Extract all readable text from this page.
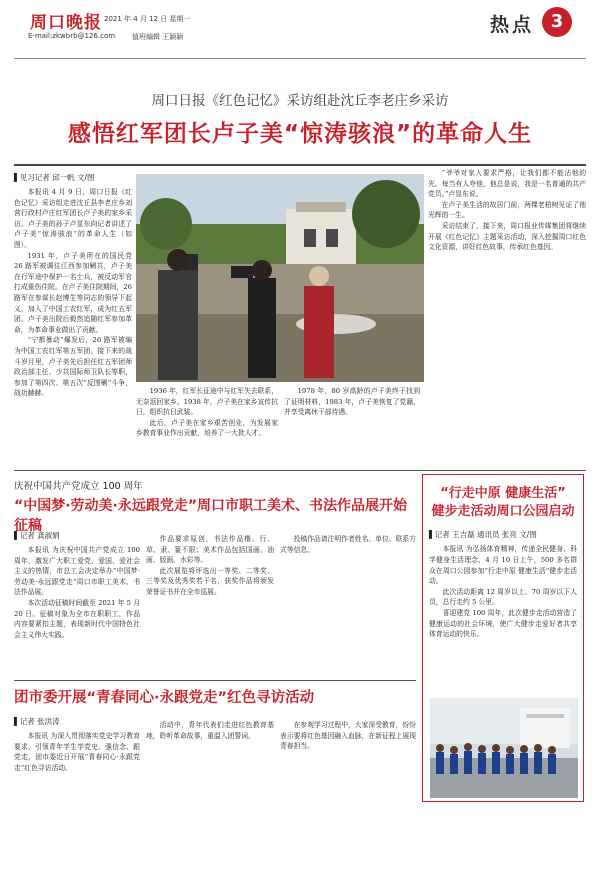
周口晚报 2021 年 4 月 12 日 星期一
E-mail:zkwbrb@126.com 值班编辑 王颖颖
热点 3
周口日报《红色记忆》采访组赴沈丘李老庄乡采访
感悟红军团长卢子美“惊涛骇浪”的革命人生
▌见习记者 邱一帆 文/图

本报讯 4 月 9 日，周口日报《红色记忆》采访组走进沈丘县李老庄乡刘营行政村卢庄红军团长卢子美的家乡采访。卢子美的孙子卢显东向记者讲述了卢子美“惊涛骇浪”的革命人生（如图）。

1931 年，卢子美所在的国民党 26 路军被调往江西参加剿共，卢子美在行军途中保护一名士兵，被反动军官打成重伤住院。在卢子美住院期间，26 路军在参谋长赵博生等同志的领导下起义，加入了中国工农红军，成为红五军团。卢子美出院后毅然追随红军参加革命，为革命事业做出了贡献。

“宁都暴动”爆发后，26 路军被编为中国工农红军第五军团。接下来的战斗岁月里，卢子美先后担任红五军团师政治部主任、少共国际师卫队长等职，参加了第四次、第五次“反围剿”斗争，战功赫赫。	1936 年，红军长征途中与红军失去联系，无奈返回家乡。1938 年，卢子美在家乡宣传抗日，组织抗日武装。

此后，卢子美在家乡艰苦创业，为发展家乡教育事业作出贡献，培养了一大批人才。

1978 年，80 岁高龄的卢子美终于找到了证明材料，1983 年，卢子美恢复了党籍，并享受离休干部待遇。

“爷爷对家人要求严格，让我们都不能沾他的光。每当有人夸他，他总是说，我是一名普通的共产党员。”卢显东说。

在卢子美生活的故居门前，两棵老柏树见证了他光辉的一生。

采访结束了，接下来，周口报业传媒集团将继续开展《红色记忆》主题采访活动，深入挖掘周口红色文化资源，讲好红色故事，传承红色基因。

庆祝中国共产党成立 100 周年
“中国梦·劳动美·永远跟党走”周口市职工美术、书法作品展开始征稿
▌记者 龚淑娟

本报讯 为庆祝中国共产党成立 100 周年，激发广大职工爱党、爱国、爱社会主义的热情，市总工会决定举办“中国梦·劳动美·永远跟党走”周口市职工美术、书法作品展。

本次活动征稿时间截至 2021 年 5 月 20 日。征稿对象为全市在职职工，作品内容要紧扣主题，表现新时代中国特色社会主义伟大实践。

作品要求原创，书法作品楷、行、草、隶、篆不限；美术作品包括国画、油画、版画、水彩等。

此次展览将评选出一等奖、二等奖、三等奖及优秀奖若干名，获奖作品将颁发荣誉证书并在全市巡展。

投稿作品请注明作者姓名、单位、联系方式等信息。

“行走中原 健康生活”
健步走活动周口公园启动
▌记者 王吉磊 通讯员 张亮 文/图

本报讯 为弘扬体育精神，传递全民健身、科学健身生活理念，4 月 10 日上午，500 多名群众在周口公园参加“行走中原 健康生活”健步走活动。

此次活动距离 12 周岁以上、70 周岁以下人员，总行走约 5 公里。

喜迎建党 100 周年，此次健步走活动营造了健康运动的社会环境，使广大健步走爱好者共享体育运动的快乐。

团市委开展“青春同心·永跟党走”红色寻访活动
▌记者 张洪涛

本报讯 为深入贯彻落实党史学习教育要求，引领青年学生学党史、强信念、跟党走，团市委近日开展“青春同心·永跟党走”红色寻访活动。

活动中，青年代表们走进红色教育基地，聆听革命故事，重温入团誓词。

在参观学习过程中，大家深受教育，纷纷表示要将红色基因融入血脉，在新征程上展现青春担当。
